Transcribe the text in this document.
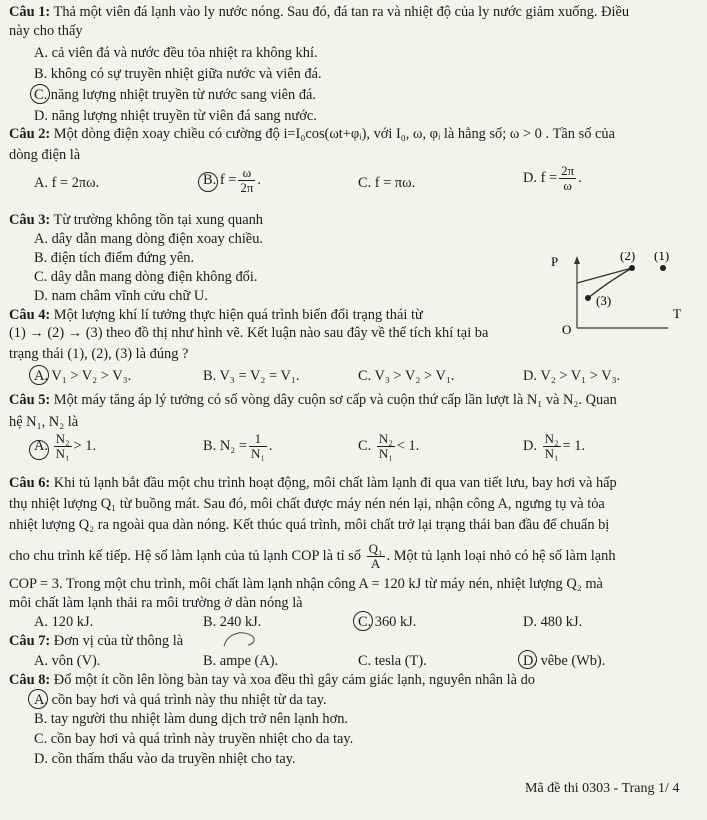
Câu 1: Thả một viên đá lạnh vào ly nước nóng. Sau đó, đá tan ra và nhiệt độ của ly nước giảm xuống. Điều
này cho thấy
A. cả viên đá và nước đều tỏa nhiệt ra không khí.
B. không có sự truyền nhiệt giữa nước và viên đá.
C. năng lượng nhiệt truyền từ nước sang viên đá.
D. năng lượng nhiệt truyền từ viên đá sang nước.
Câu 2: Một dòng điện xoay chiều có cường độ i=I₀cos(ωt+φᵢ), với I₀, ω, φᵢ là hằng số; ω > 0 . Tần số của
dòng điện là
A. f = 2πω.	B. $f = \frac{\omega}{2\pi}$ .	C. f = πω.	D. $f = \frac{2\pi}{\omega}$ .
Câu 3: Từ trường không tồn tại xung quanh
A. dây dẫn mang dòng điện xoay chiều.
B. điện tích điểm đứng yên.
C. dây dẫn mang dòng điện không đổi.
D. nam châm vĩnh cửu chữ U.
P
T
O
(2) (1)
(3)
Câu 4: Một lượng khí lí tưởng thực hiện quá trình biến đổi trạng thái từ
(1) → (2) → (3) theo đồ thị như hình vẽ. Kết luận nào sau đây về thể tích khí tại ba
trạng thái (1), (2), (3) là đúng ?
A. V₁ > V₂ > V₃.	B. V₃ = V₂ = V₁.	C. V₃ > V₂ > V₁.	D. V₂ > V₁ > V₃.
Câu 5: Một máy tăng áp lý tưởng có số vòng dây cuộn sơ cấp và cuộn thứ cấp lần lượt là N₁ và N₂. Quan
hệ N₁, N₂ là
A. $\frac{\text{N₂}}{\text{N₁}} > 1$.	B. $N_2 = \frac{1}{\text{N₁}}$ .	C. $\frac{\text{N₂}}{\text{N₁}} < 1$.	D. $\frac{\text{N₂}}{\text{N₁}} = 1$.
Câu 6: Khi tủ lạnh bắt đầu một chu trình hoạt động, môi chất làm lạnh đi qua van tiết lưu, bay hơi và hấp
thụ nhiệt lượng Q₁ từ buồng mát. Sau đó, môi chất được máy nén nén lại, nhận công A, ngưng tụ và tỏa
nhiệt lượng Q₂ ra ngoài qua dàn nóng. Kết thúc quá trình, môi chất trở lại trạng thái ban đầu để chuẩn bị
cho chu trình kế tiếp. Hệ số làm lạnh của tủ lạnh COP là tỉ số $\frac{\text{Q₁}}{A}$ . Một tủ lạnh loại nhỏ có hệ số làm lạnh
COP = 3. Trong một chu trình, môi chất làm lạnh nhận công A = 120 kJ từ máy nén, nhiệt lượng Q₂ mà
môi chất làm lạnh thải ra môi trường ở dàn nóng là
A. 120 kJ.	B. 240 kJ.	C. 360 kJ.	D. 480 kJ.
Câu 7: Đơn vị của từ thông là
A. vôn (V).	B. ampe (A).	C. tesla (T).	D. vêbe (Wb).
Câu 8: Đổ một ít cồn lên lòng bàn tay và xoa đều thì gây cảm giác lạnh, nguyên nhân là do
A. cồn bay hơi và quá trình này thu nhiệt từ da tay.
B. tay người thu nhiệt làm dung dịch trở nên lạnh hơn.
C. cồn bay hơi và quá trình này truyền nhiệt cho da tay.
D. cồn thấm thấu vào da truyền nhiệt cho tay.
Mã đề thi 0303 - Trang 1/ 4
